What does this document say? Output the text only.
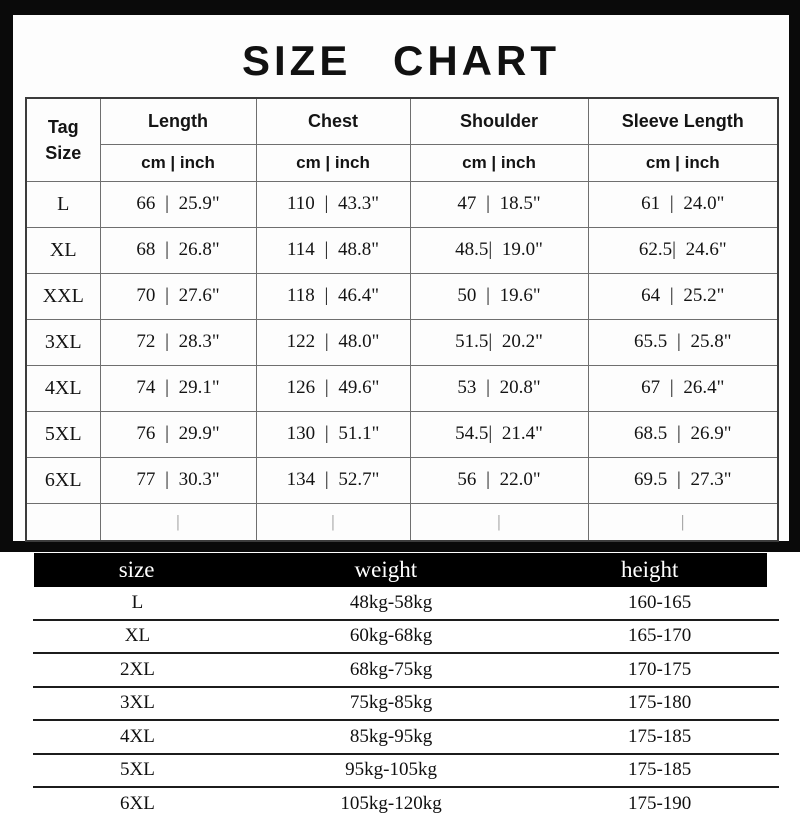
SIZE CHART
Tag
Size	Length	Chest	Shoulder	Sleeve Length
	cm | inch	cm | inch	cm | inch	cm | inch
L	66 | 25.9"	110 | 43.3"	47 | 18.5"	61 | 24.0"
XL	68 | 26.8"	114 | 48.8"	48.5| 19.0"	62.5| 24.6"
XXL	70 | 27.6"	118 | 46.4"	50 | 19.6"	64 | 25.2"
3XL	72 | 28.3"	122 | 48.0"	51.5| 20.2"	65.5 | 25.8"
4XL	74 | 29.1"	126 | 49.6"	53 | 20.8"	67 | 26.4"
5XL	76 | 29.9"	130 | 51.1"	54.5| 21.4"	68.5 | 26.9"
6XL	77 | 30.3"	134 | 52.7"	56 | 22.0"	69.5 | 27.3"
	|	|	|	|
size	weight	height
L	48kg-58kg	160-165
XL	60kg-68kg	165-170
2XL	68kg-75kg	170-175
3XL	75kg-85kg	175-180
4XL	85kg-95kg	175-185
5XL	95kg-105kg	175-185
6XL	105kg-120kg	175-190
